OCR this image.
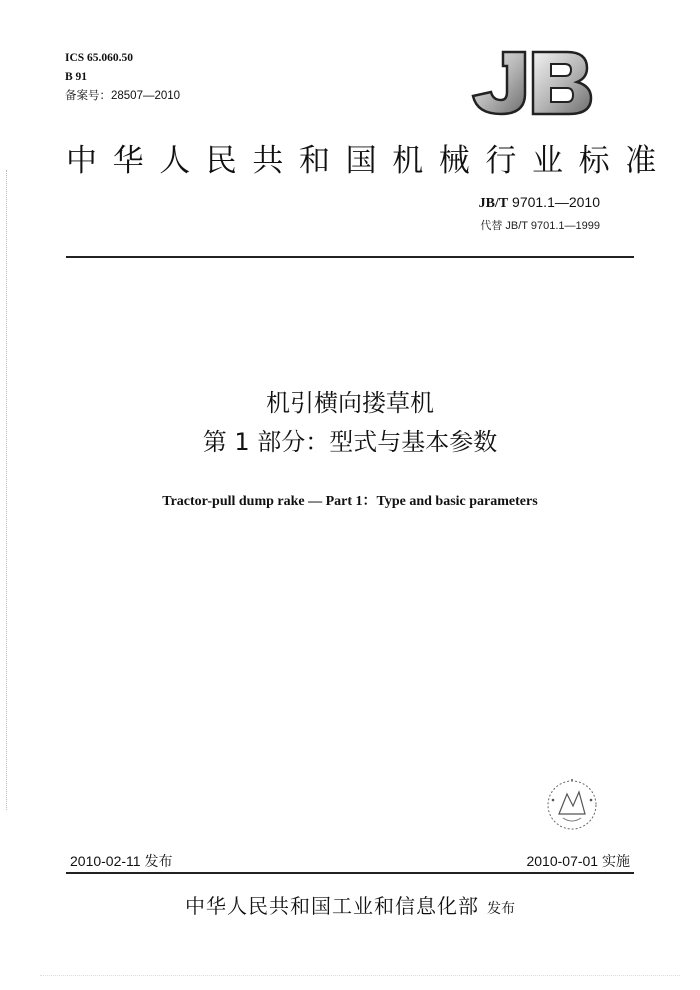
ICS 65.060.50
B 91
备案号：28507—2010
中华人民共和国机械行业标准
JB/T 9701.1—2010
代替 JB/T 9701.1—1999
机引横向搂草机
第 1 部分：型式与基本参数
Tractor-pull dump rake — Part 1：Type and basic parameters
2010-02-11 发布	2010-07-01 实施
中华人民共和国工业和信息化部 发布
